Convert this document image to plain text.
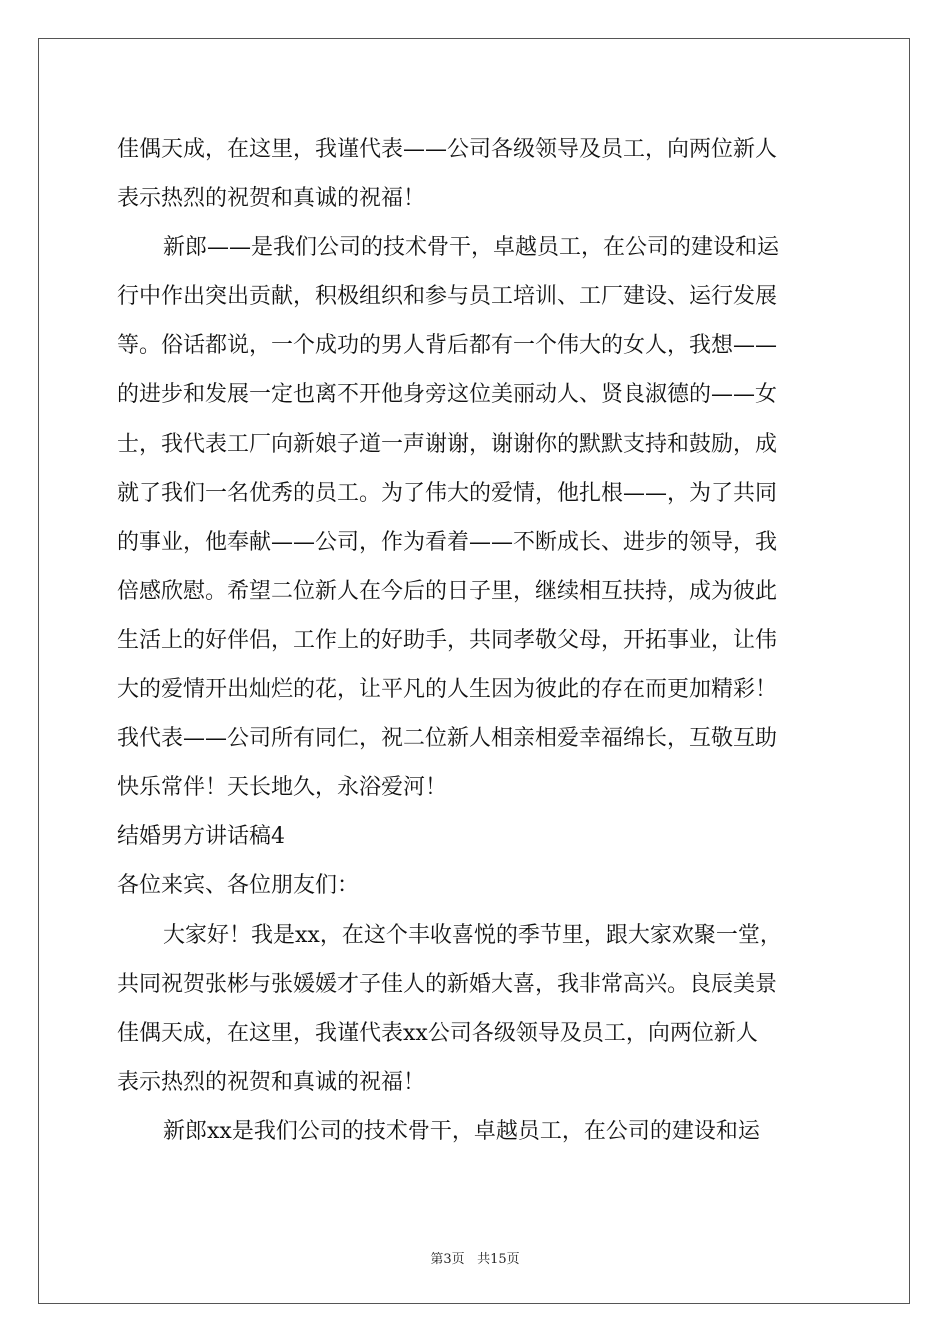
佳偶天成，在这里，我谨代表——公司各级领导及员工，向两位新人
表示热烈的祝贺和真诚的祝福！
新郎——是我们公司的技术骨干，卓越员工，在公司的建设和运
行中作出突出贡献，积极组织和参与员工培训、工厂建设、运行发展
等。俗话都说，一个成功的男人背后都有一个伟大的女人，我想——
的进步和发展一定也离不开他身旁这位美丽动人、贤良淑德的——女
士，我代表工厂向新娘子道一声谢谢，谢谢你的默默支持和鼓励，成
就了我们一名优秀的员工。为了伟大的爱情，他扎根——，为了共同
的事业，他奉献——公司，作为看着——不断成长、进步的领导，我
倍感欣慰。希望二位新人在今后的日子里，继续相互扶持，成为彼此
生活上的好伴侣，工作上的好助手，共同孝敬父母，开拓事业，让伟
大的爱情开出灿烂的花，让平凡的人生因为彼此的存在而更加精彩！
我代表——公司所有同仁，祝二位新人相亲相爱幸福绵长，互敬互助
快乐常伴！天长地久，永浴爱河！
结婚男方讲话稿4
各位来宾、各位朋友们：
大家好！我是xx，在这个丰收喜悦的季节里，跟大家欢聚一堂，
共同祝贺张彬与张媛媛才子佳人的新婚大喜，我非常高兴。良辰美景
佳偶天成，在这里，我谨代表xx公司各级领导及员工，向两位新人
表示热烈的祝贺和真诚的祝福！
新郎xx是我们公司的技术骨干，卓越员工，在公司的建设和运
第3页 共15页
